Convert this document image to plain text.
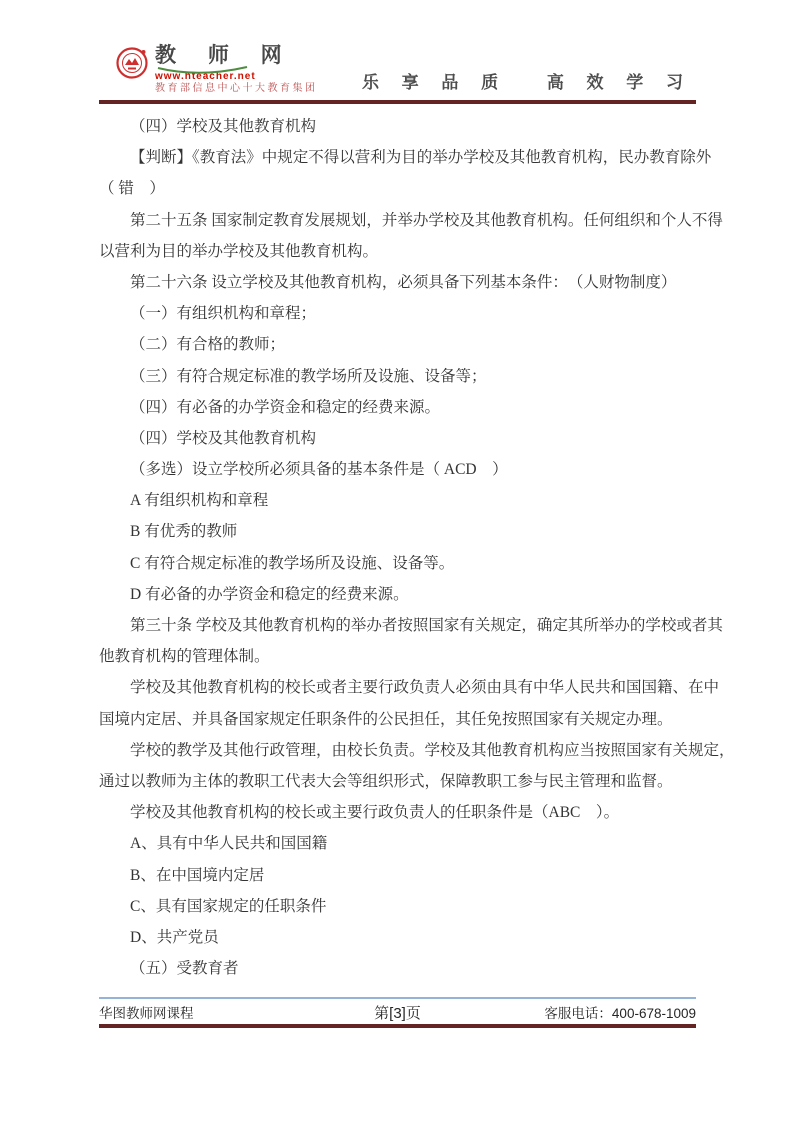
教 师 网
www.hteacher.net
教育部信息中心十大教育集团	乐 享 品 质　 高 效 学 习
（四）学校及其他教育机构
【判断】《教育法》中规定不得以营利为目的举办学校及其他教育机构，民办教育除外
（ 错　）
第二十五条 国家制定教育发展规划，并举办学校及其他教育机构。任何组织和个人不得
以营利为目的举办学校及其他教育机构。
第二十六条 设立学校及其他教育机构，必须具备下列基本条件：　（人财物制度）
（一）有组织机构和章程；
（二）有合格的教师；
（三）有符合规定标准的教学场所及设施、设备等；
（四）有必备的办学资金和稳定的经费来源。
（四）学校及其他教育机构
（多选）设立学校所必须具备的基本条件是（ ACD　）
A 有组织机构和章程
B 有优秀的教师
C 有符合规定标准的教学场所及设施、设备等。
D 有必备的办学资金和稳定的经费来源。
第三十条 学校及其他教育机构的举办者按照国家有关规定，确定其所举办的学校或者其
他教育机构的管理体制。
学校及其他教育机构的校长或者主要行政负责人必须由具有中华人民共和国国籍、在中
国境内定居、并具备国家规定任职条件的公民担任，其任免按照国家有关规定办理。
学校的教学及其他行政管理，由校长负责。学校及其他教育机构应当按照国家有关规定，
通过以教师为主体的教职工代表大会等组织形式，保障教职工参与民主管理和监督。
学校及其他教育机构的校长或主要行政负责人的任职条件是（ABC　）。
A、具有中华人民共和国国籍
B、在中国境内定居
C、具有国家规定的任职条件
D、共产党员
（五）受教育者
华图教师网课程	第[3]页	客服电话：400-678-1009
